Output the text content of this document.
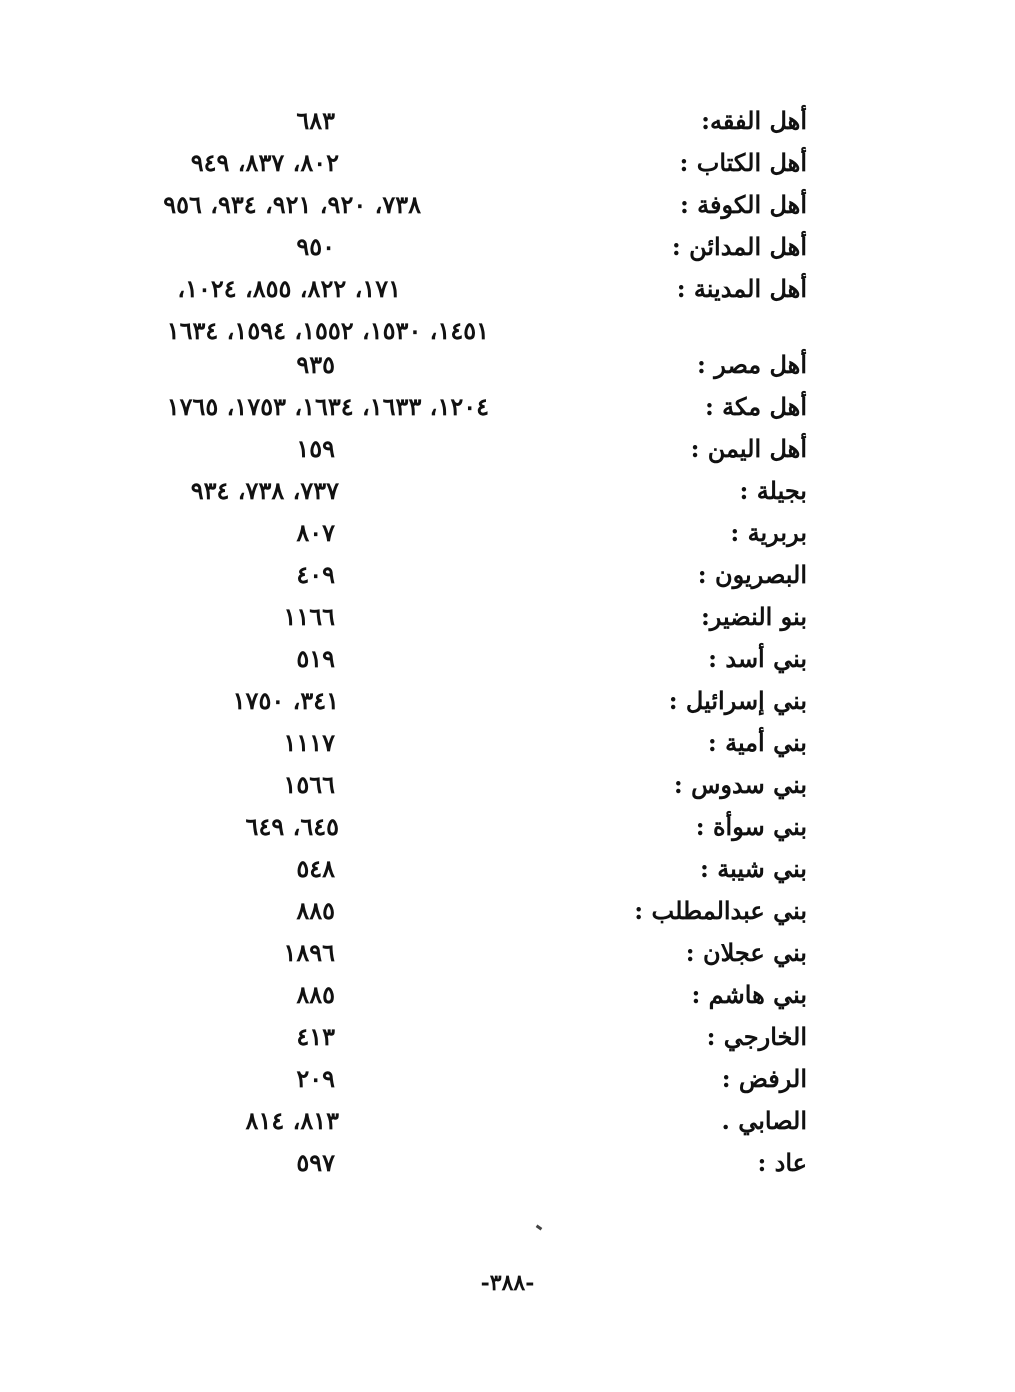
أهل الفقه:
٦٨٣
أهل الكتاب :
٨٠٢، ٨٣٧، ٩٤٩
أهل الكوفة :
٧٣٨، ٩٢٠، ٩٢١، ٩٣٤، ٩٥٦
أهل المدائن :
٩٥٠
أهل المدينة :
١٧١، ٨٢٢، ٨٥٥، ١٠٢٤،
١٤٥١، ١٥٣٠، ١٥٥٢، ١٥٩٤، ١٦٣٤
أهل مصر :
٩٣٥
أهل مكة :
١٢٠٤، ١٦٣٣، ١٦٣٤، ١٧٥٣، ١٧٦٥
أهل اليمن :
١٥٩
بجيلة :
٧٣٧، ٧٣٨، ٩٣٤
بربرية :
٨٠٧
البصريون :
٤٠٩
بنو النضير:
١١٦٦
بني أسد :
٥١٩
بني إسرائيل :
٣٤١، ١٧٥٠
بني أمية :
١١١٧
بني سدوس :
١٥٦٦
بني سوأة :
٦٤٥، ٦٤٩
بني شيبة :
٥٤٨
بني عبدالمطلب :
٨٨٥
بني عجلان :
١٨٩٦
بني هاشم :
٨٨٥
الخارجي :
٤١٣
الرفض :
٢٠٩
الصابي .
٨١٣، ٨١٤
عاد :
٥٩٧
-٣٨٨-
